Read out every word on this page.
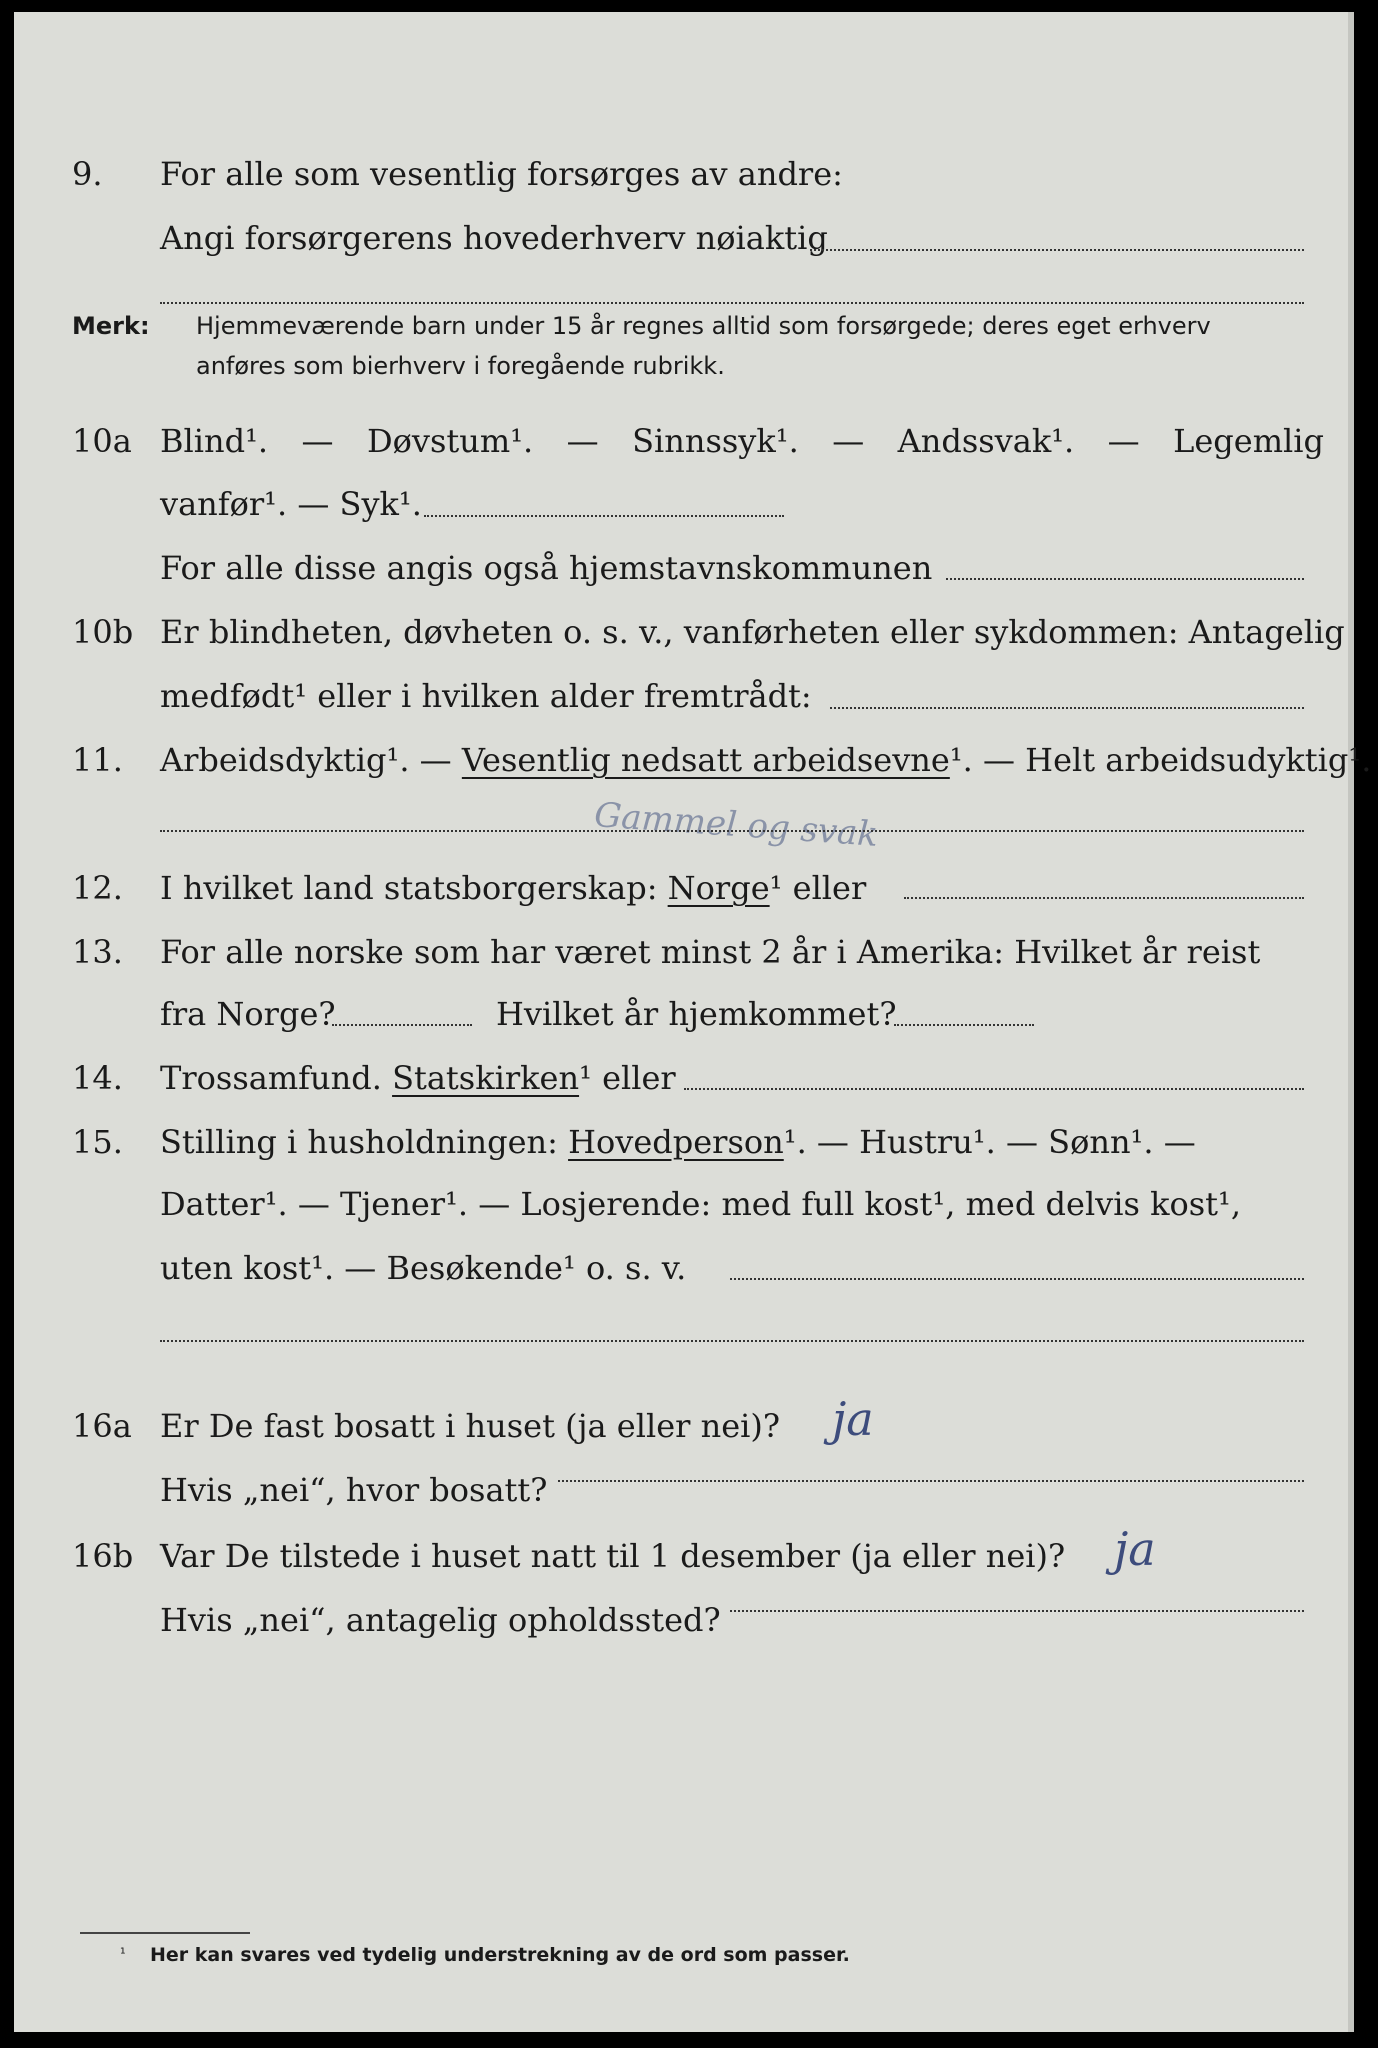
9.	For alle som vesentlig forsørges av andre:
Angi forsørgerens hovederhverv nøiaktig
Merk: Hjemmeværende barn under 15 år regnes alltid som forsørgede; deres eget erhverv
anføres som bierhverv i foregående rubrikk.
10a Blind¹. — Døvstum¹. — Sinnssyk¹. — Andssvak¹. — Legemlig
vanfør¹. — Syk¹.
For alle disse angis også hjemstavnskommunen
10b Er blindheten, døvheten o. s. v., vanførheten eller sykdommen: Antagelig
medfødt¹ eller i hvilken alder fremtrådt:
11.	Arbeidsdyktig¹. — Vesentlig nedsatt arbeidsevne¹. — Helt arbeidsudyktig¹.
Gammel og svak
12.	I hvilket land statsborgerskap: Norge¹ eller
13.	For alle norske som har været minst 2 år i Amerika: Hvilket år reist
fra Norge?	Hvilket år hjemkommet?
14.	Trossamfund. Statskirken¹ eller
15.	Stilling i husholdningen: Hovedperson¹. — Hustru¹. — Sønn¹. —
Datter¹. — Tjener¹. — Losjerende: med full kost¹, med delvis kost¹,
uten kost¹. — Besøkende¹ o. s. v.
16a Er De fast bosatt i huset (ja eller nei)? ja
Hvis „nei“, hvor bosatt?
16b Var De tilstede i huset natt til 1 desember (ja eller nei)? ja
Hvis „nei“, antagelig opholdssted?
¹ Her kan svares ved tydelig understrekning av de ord som passer.
